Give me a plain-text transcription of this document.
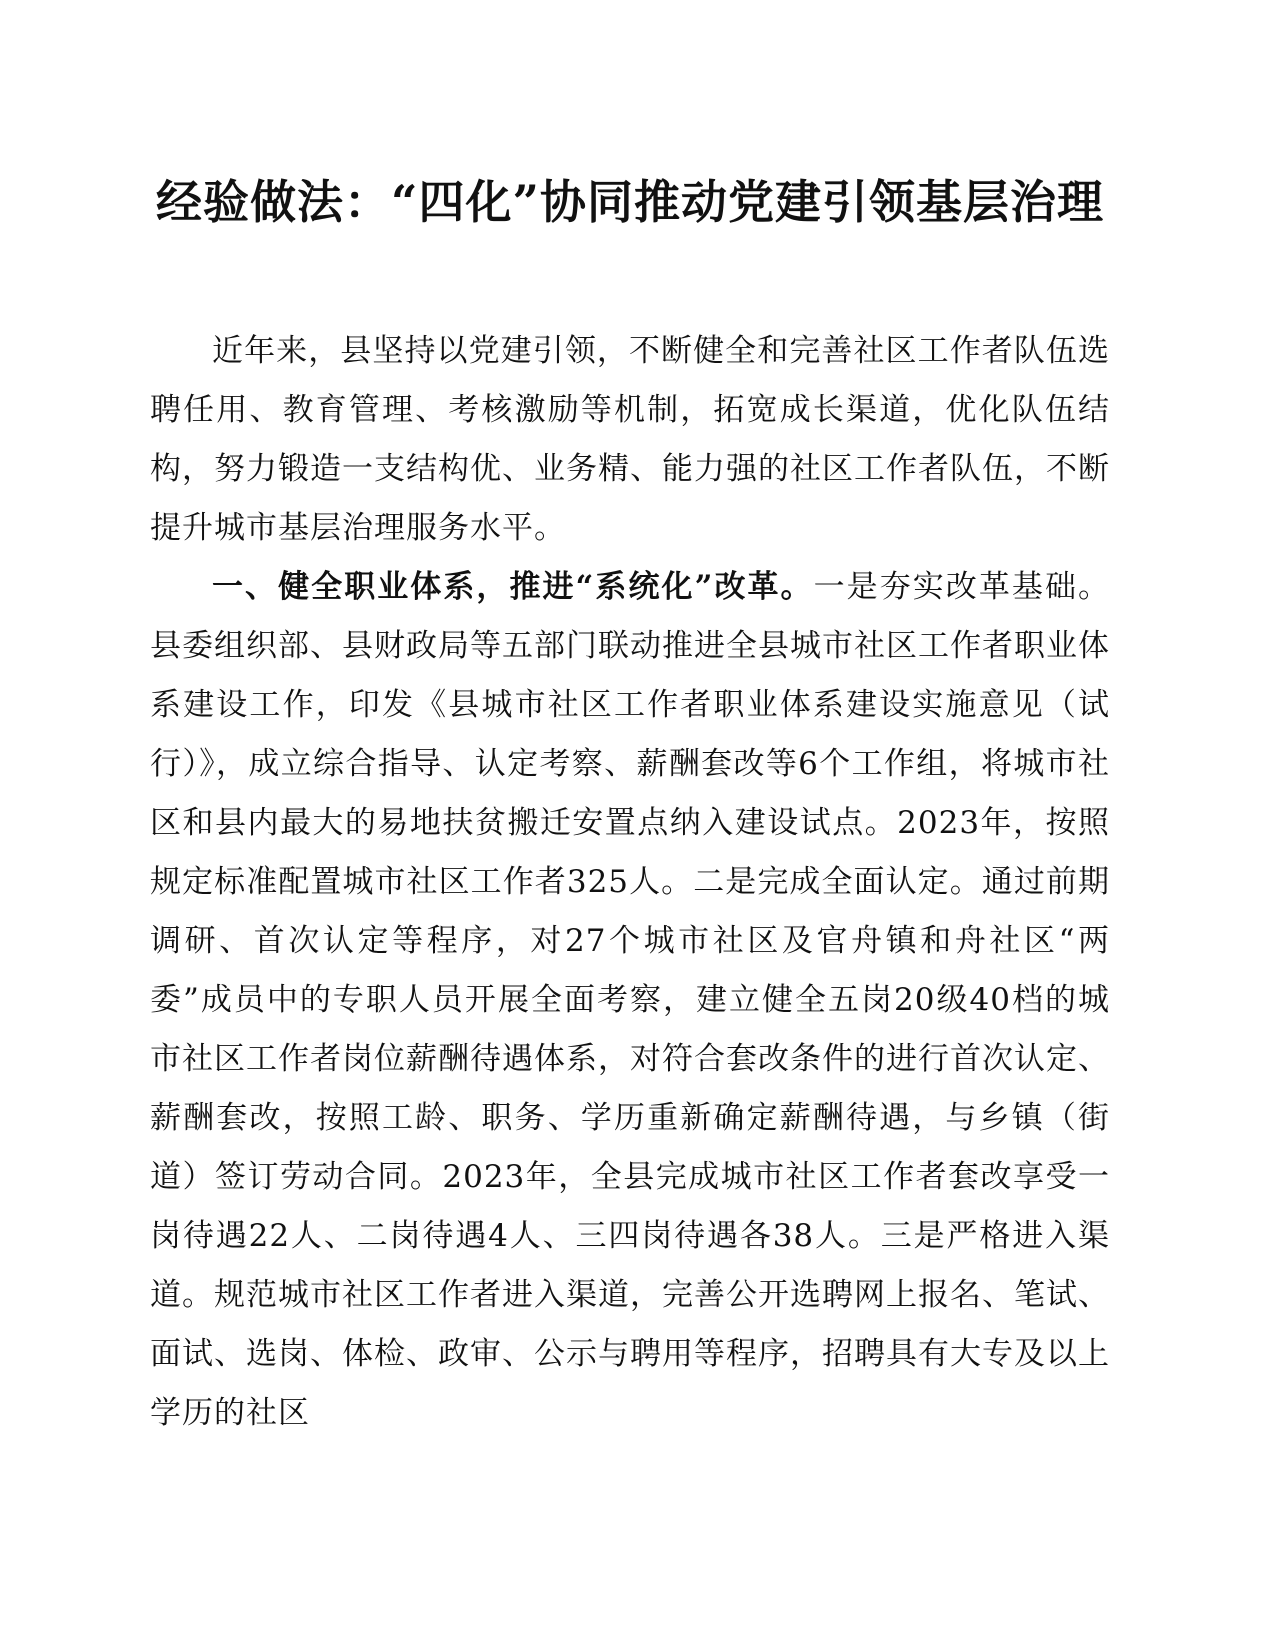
经验做法：“四化”协同推动党建引领基层治理

近年来，县坚持以党建引领，不断健全和完善社区工作者队伍选聘任用、教育管理、考核激励等机制，拓宽成长渠道，优化队伍结构，努力锻造一支结构优、业务精、能力强的社区工作者队伍，不断提升城市基层治理服务水平。

一、健全职业体系，推进“系统化”改革。一是夯实改革基础。县委组织部、县财政局等五部门联动推进全县城市社区工作者职业体系建设工作，印发《县城市社区工作者职业体系建设实施意见（试行）》，成立综合指导、认定考察、薪酬套改等6个工作组，将城市社区和县内最大的易地扶贫搬迁安置点纳入建设试点。2023年，按照规定标准配置城市社区工作者325人。二是完成全面认定。通过前期调研、首次认定等程序，对27个城市社区及官舟镇和舟社区“两委”成员中的专职人员开展全面考察，建立健全五岗20级40档的城市社区工作者岗位薪酬待遇体系，对符合套改条件的进行首次认定、薪酬套改，按照工龄、职务、学历重新确定薪酬待遇，与乡镇（街道）签订劳动合同。2023年，全县完成城市社区工作者套改享受一岗待遇22人、二岗待遇4人、三四岗待遇各38人。三是严格进入渠道。规范城市社区工作者进入渠道，完善公开选聘网上报名、笔试、面试、选岗、体检、政审、公示与聘用等程序，招聘具有大专及以上学历的社区
